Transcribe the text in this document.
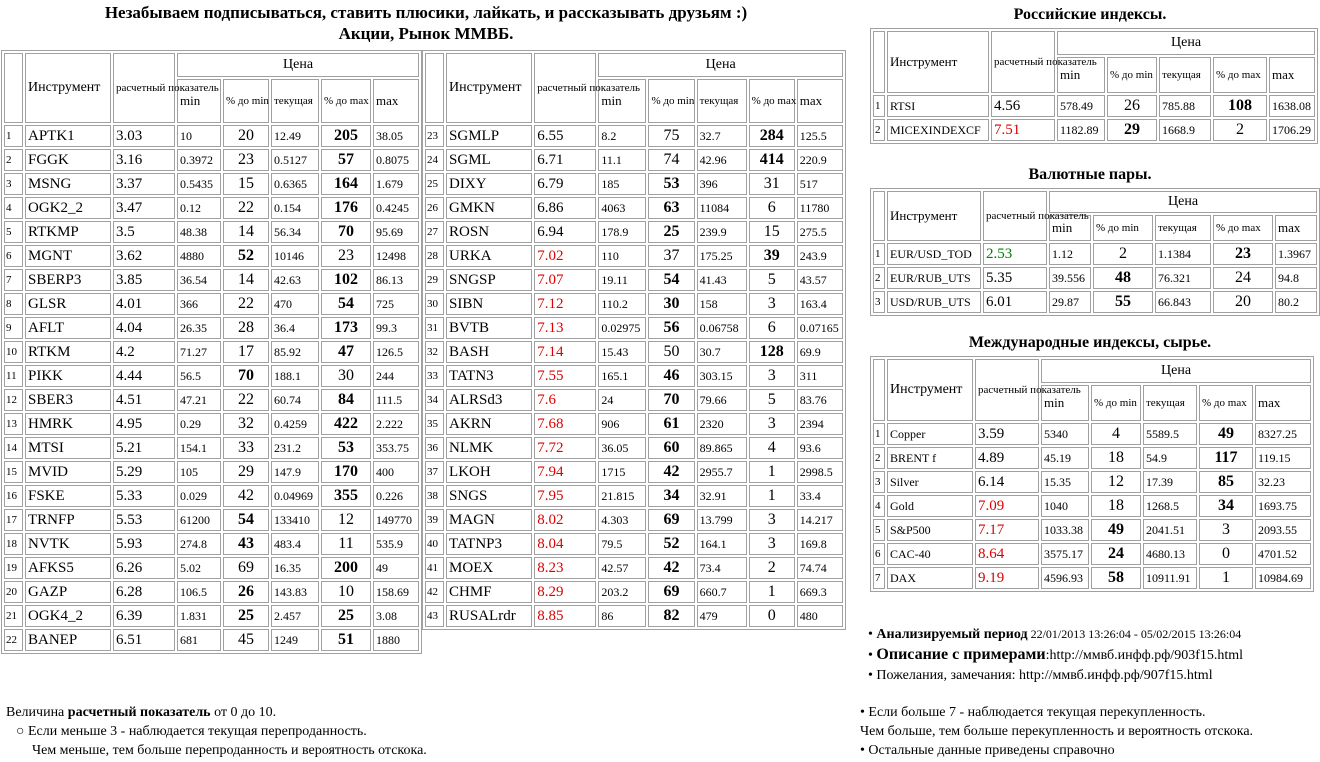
Незабываем подписываться, ставить плюсики, лайкать, и рассказывать друзьям :)
Акции, Рынок ММВБ.
	Инструмент	расчетный показатель	Цена				
			min	% до min	текущая	% до max	max
1	APTK1	3.03	10	20	12.49	205	38.05
2	FGGK	3.16	0.3972	23	0.5127	57	0.8075
3	MSNG	3.37	0.5435	15	0.6365	164	1.679
4	OGK2_2	3.47	0.12	22	0.154	176	0.4245
5	RTKMP	3.5	48.38	14	56.34	70	95.69
6	MGNT	3.62	4880	52	10146	23	12498
7	SBERP3	3.85	36.54	14	42.63	102	86.13
8	GLSR	4.01	366	22	470	54	725
9	AFLT	4.04	26.35	28	36.4	173	99.3
10	RTKM	4.2	71.27	17	85.92	47	126.5
11	PIKK	4.44	56.5	70	188.1	30	244
12	SBER3	4.51	47.21	22	60.74	84	111.5
13	HMRK	4.95	0.29	32	0.4259	422	2.222
14	MTSI	5.21	154.1	33	231.2	53	353.75
15	MVID	5.29	105	29	147.9	170	400
16	FSKE	5.33	0.029	42	0.04969	355	0.226
17	TRNFP	5.53	61200	54	133410	12	149770
18	NVTK	5.93	274.8	43	483.4	11	535.9
19	AFKS5	6.26	5.02	69	16.35	200	49
20	GAZP	6.28	106.5	26	143.83	10	158.69
21	OGK4_2	6.39	1.831	25	2.457	25	3.08
22	BANEP	6.51	681	45	1249	51	1880
	Инструмент	расчетный показатель	Цена				
			min	% до min	текущая	% до max	max
23	SGMLP	6.55	8.2	75	32.7	284	125.5
24	SGML	6.71	11.1	74	42.96	414	220.9
25	DIXY	6.79	185	53	396	31	517
26	GMKN	6.86	4063	63	11084	6	11780
27	ROSN	6.94	178.9	25	239.9	15	275.5
28	URKA	7.02	110	37	175.25	39	243.9
29	SNGSP	7.07	19.11	54	41.43	5	43.57
30	SIBN	7.12	110.2	30	158	3	163.4
31	BVTB	7.13	0.02975	56	0.06758	6	0.07165
32	BASH	7.14	15.43	50	30.7	128	69.9
33	TATN3	7.55	165.1	46	303.15	3	311
34	ALRSd3	7.6	24	70	79.66	5	83.76
35	AKRN	7.68	906	61	2320	3	2394
36	NLMK	7.72	36.05	60	89.865	4	93.6
37	LKOH	7.94	1715	42	2955.7	1	2998.5
38	SNGS	7.95	21.815	34	32.91	1	33.4
39	MAGN	8.02	4.303	69	13.799	3	14.217
40	TATNP3	8.04	79.5	52	164.1	3	169.8
41	MOEX	8.23	42.57	42	73.4	2	74.74
42	CHMF	8.29	203.2	69	660.7	1	669.3
43	RUSALrdr	8.85	86	82	479	0	480
Российские индексы.
	Инструмент	расчетный показатель	Цена				
			min	% до min	текущая	% до max	max
1	RTSI	4.56	578.49	26	785.88	108	1638.08
2	MICEXINDEXCF	7.51	1182.89	29	1668.9	2	1706.29
Валютные пары.
	Инструмент	расчетный показатель	Цена				
			min	% до min	текущая	% до max	max
1	EUR/USD_TOD	2.53	1.12	2	1.1384	23	1.3967
2	EUR/RUB_UTS	5.35	39.556	48	76.321	24	94.8
3	USD/RUB_UTS	6.01	29.87	55	66.843	20	80.2
Международные индексы, сырье.
	Инструмент	расчетный показатель	Цена				
			min	% до min	текущая	% до max	max
1	Copper	3.59	5340	4	5589.5	49	8327.25
2	BRENT f	4.89	45.19	18	54.9	117	119.15
3	Silver	6.14	15.35	12	17.39	85	32.23
4	Gold	7.09	1040	18	1268.5	34	1693.75
5	S&P500	7.17	1033.38	49	2041.51	3	2093.55
6	CAC-40	8.64	3575.17	24	4680.13	0	4701.52
7	DAX	9.19	4596.93	58	10911.91	1	10984.69
• Анализируемый период 22/01/2013 13:26:04 - 05/02/2015 13:26:04
• Описание с примерами:http://ммвб.инфф.рф/903f15.html
• Пожелания, замечания: http://ммвб.инфф.рф/907f15.html
Величина расчетный показатель от 0 до 10.
○ Если меньше 3 - наблюдается текущая перепроданность.
Чем меньше, тем больше перепроданность и вероятность отскока.
• Если больше 7 - наблюдается текущая перекупленность.
Чем больше, тем больше перекупленность и вероятность отскока.
• Остальные данные приведены справочно
